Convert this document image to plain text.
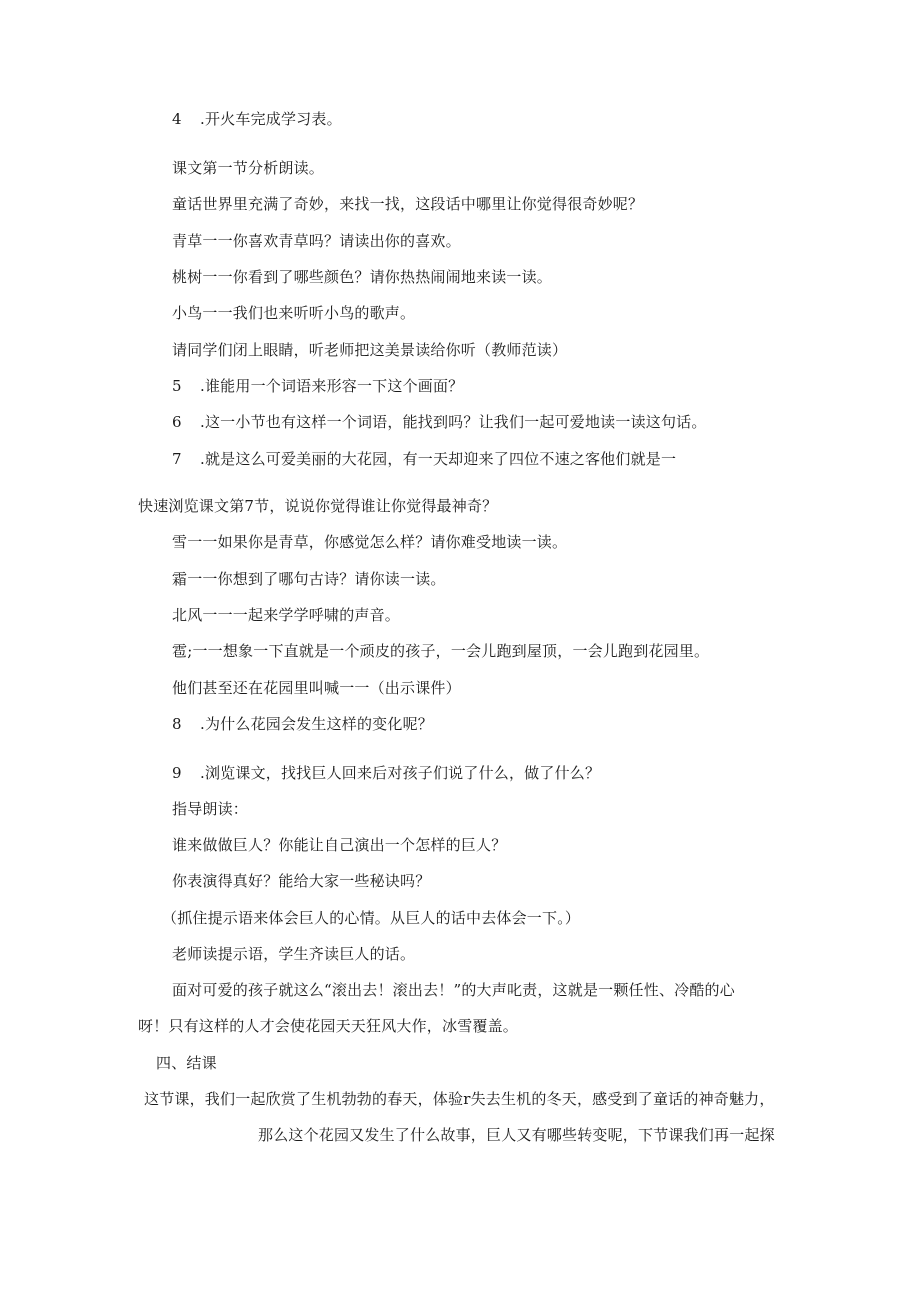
4 .开火车完成学习表。
课文第一节分析朗读。
童话世界里充满了奇妙，来找一找，这段话中哪里让你觉得很奇妙呢？
青草一一你喜欢青草吗？请读出你的喜欢。
桃树一一你看到了哪些颜色？请你热热闹闹地来读一读。
小鸟一一我们也来听听小鸟的歌声。
请同学们闭上眼睛，听老师把这美景读给你听（教师范读）
5 .谁能用一个词语来形容一下这个画面？
6 .这一小节也有这样一个词语，能找到吗？让我们一起可爱地读一读这句话。
7 .就是这么可爱美丽的大花园，有一天却迎来了四位不速之客他们就是一
快速浏览课文第7节，说说你觉得谁让你觉得最神奇？
雪一一如果你是青草，你感觉怎么样？请你难受地读一读。
霜一一你想到了哪句古诗？请你读一读。
北风一一一起来学学呼啸的声音。
雹;一一想象一下直就是一个顽皮的孩子，一会儿跑到屋顶，一会儿跑到花园里。
他们甚至还在花园里叫喊一一（出示课件）
8 .为什么花园会发生这样的变化呢？
9 .浏览课文，找找巨人回来后对孩子们说了什么，做了什么？
指导朗读：
谁来做做巨人？你能让自己演出一个怎样的巨人？
你表演得真好？能给大家一些秘诀吗？
（抓住提示语来体会巨人的心情。从巨人的话中去体会一下。）
老师读提示语，学生齐读巨人的话。
面对可爱的孩子就这么“滚出去！滚出去！”的大声叱责，这就是一颗任性、冷酷的心
呀！只有这样的人才会使花园天天狂风大作，冰雪覆盖。
四、结课
这节课，我们一起欣赏了生机勃勃的春天，体验r失去生机的冬天，感受到了童话的神奇魅力，
那么这个花园又发生了什么故事，巨人又有哪些转变呢，下节课我们再一起探
